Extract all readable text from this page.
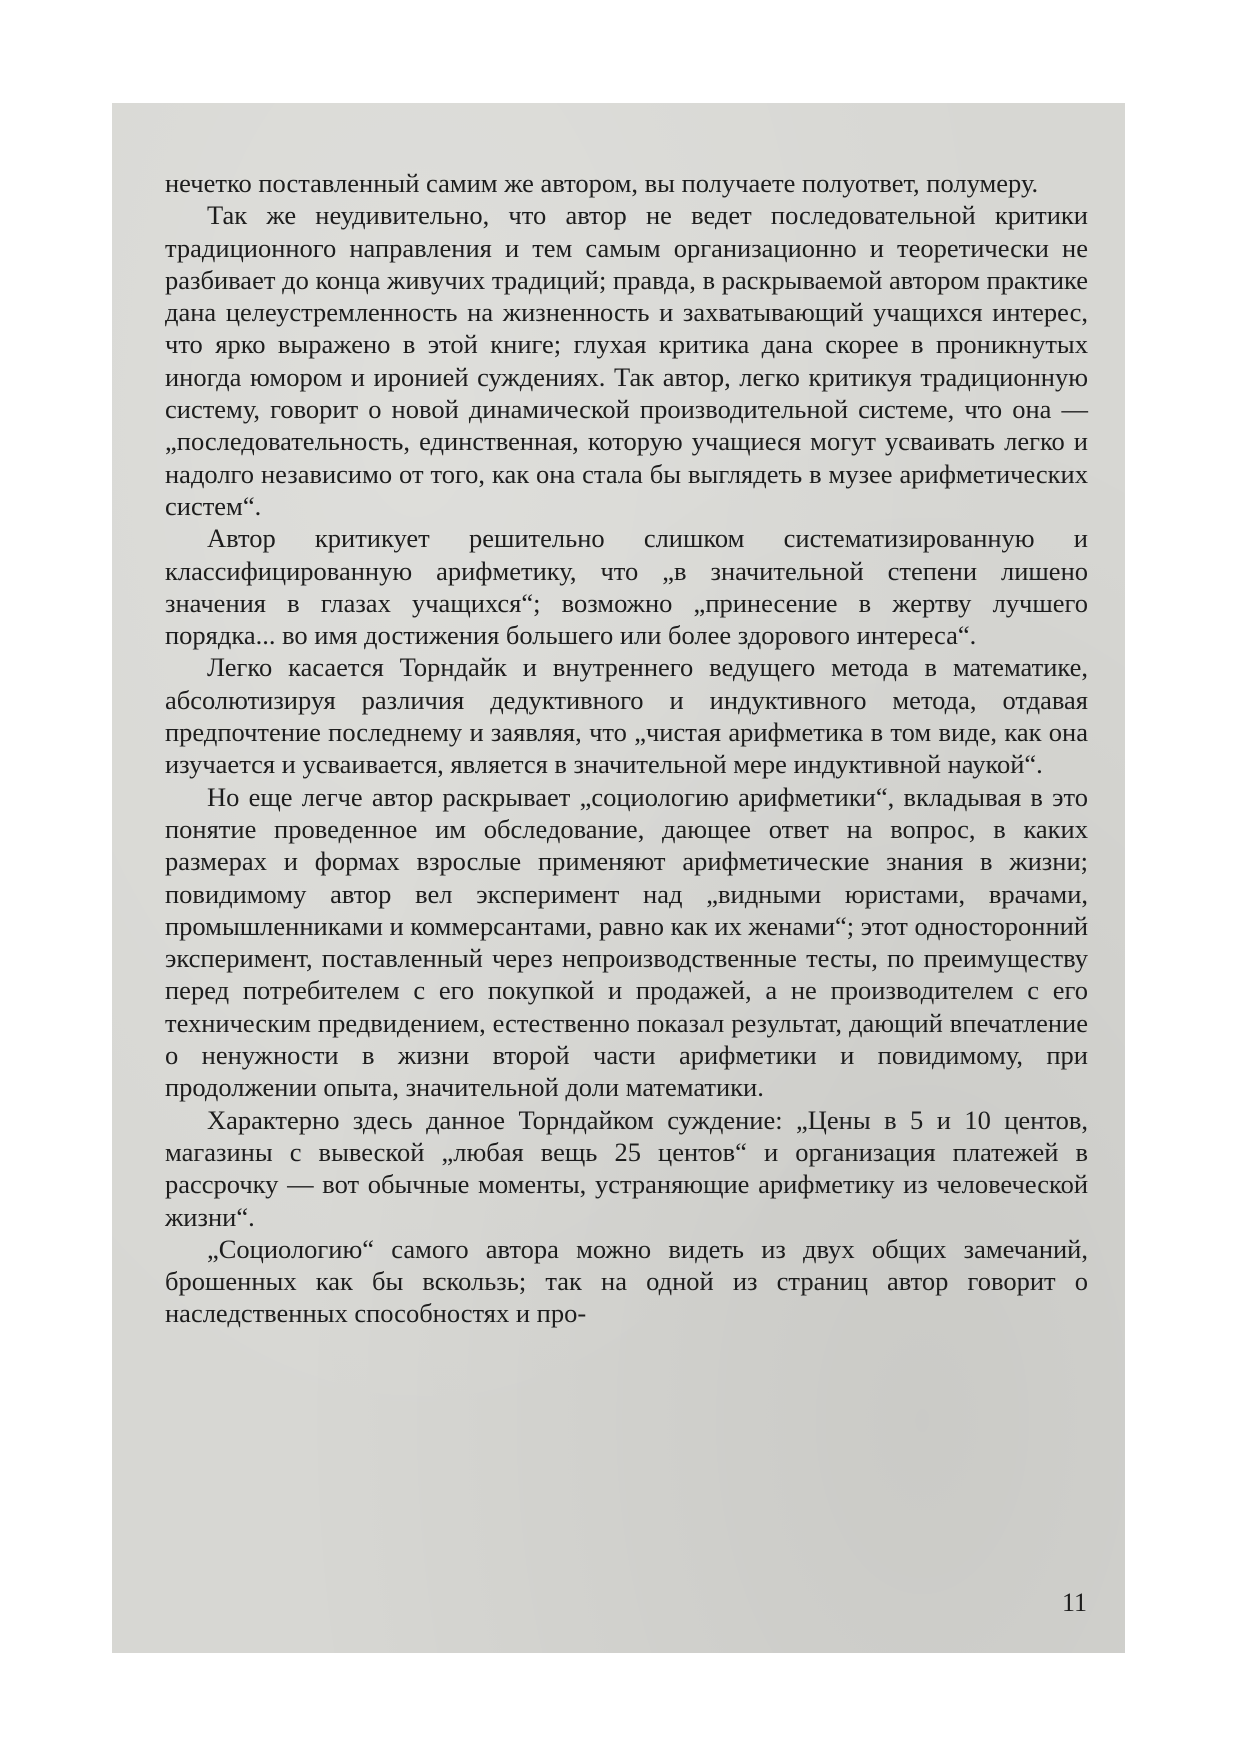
нечетко поставленный самим же автором, вы получаете полуответ, полумеру.

Так же неудивительно, что автор не ведет последовательной критики традиционного направления и тем самым организационно и теоретически не разбивает до конца живучих традиций; правда, в раскрываемой автором практике дана целеустремленность на жизненность и захватывающий учащихся интерес, что ярко выражено в этой книге; глухая критика дана скорее в проникнутых иногда юмором и иронией суждениях. Так автор, легко критикуя традиционную систему, говорит о новой динамической производительной системе, что она — „последовательность, единственная, которую учащиеся могут усваивать легко и надолго независимо от того, как она стала бы выглядеть в музее арифметических систем“.

Автор критикует решительно слишком систематизированную и классифицированную арифметику, что „в значительной степени лишено значения в глазах учащихся“; возможно „принесение в жертву лучшего порядка... во имя достижения большего или более здорового интереса“.

Легко касается Торндайк и внутреннего ведущего метода в математике, абсолютизируя различия дедуктивного и индуктивного метода, отдавая предпочтение последнему и заявляя, что „чистая арифметика в том виде, как она изучается и усваивается, является в значительной мере индуктивной наукой“.

Но еще легче автор раскрывает „социологию арифметики“, вкладывая в это понятие проведенное им обследование, дающее ответ на вопрос, в каких размерах и формах взрослые применяют арифметические знания в жизни; повидимому автор вел эксперимент над „видными юристами, врачами, промышленниками и коммерсантами, равно как их женами“; этот односторонний эксперимент, поставленный через непроизводственные тесты, по преимуществу перед потребителем с его покупкой и продажей, а не производителем с его техническим предвидением, естественно показал результат, дающий впечатление о ненужности в жизни второй части арифметики и повидимому, при продолжении опыта, значительной доли математики.

Характерно здесь данное Торндайком суждение: „Цены в 5 и 10 центов, магазины с вывеской „любая вещь 25 центов“ и организация платежей в рассрочку — вот обычные моменты, устраняющие арифметику из человеческой жизни“.

„Социологию“ самого автора можно видеть из двух общих замечаний, брошенных как бы вскользь; так на одной из страниц автор говорит о наследственных способностях и про-

11
